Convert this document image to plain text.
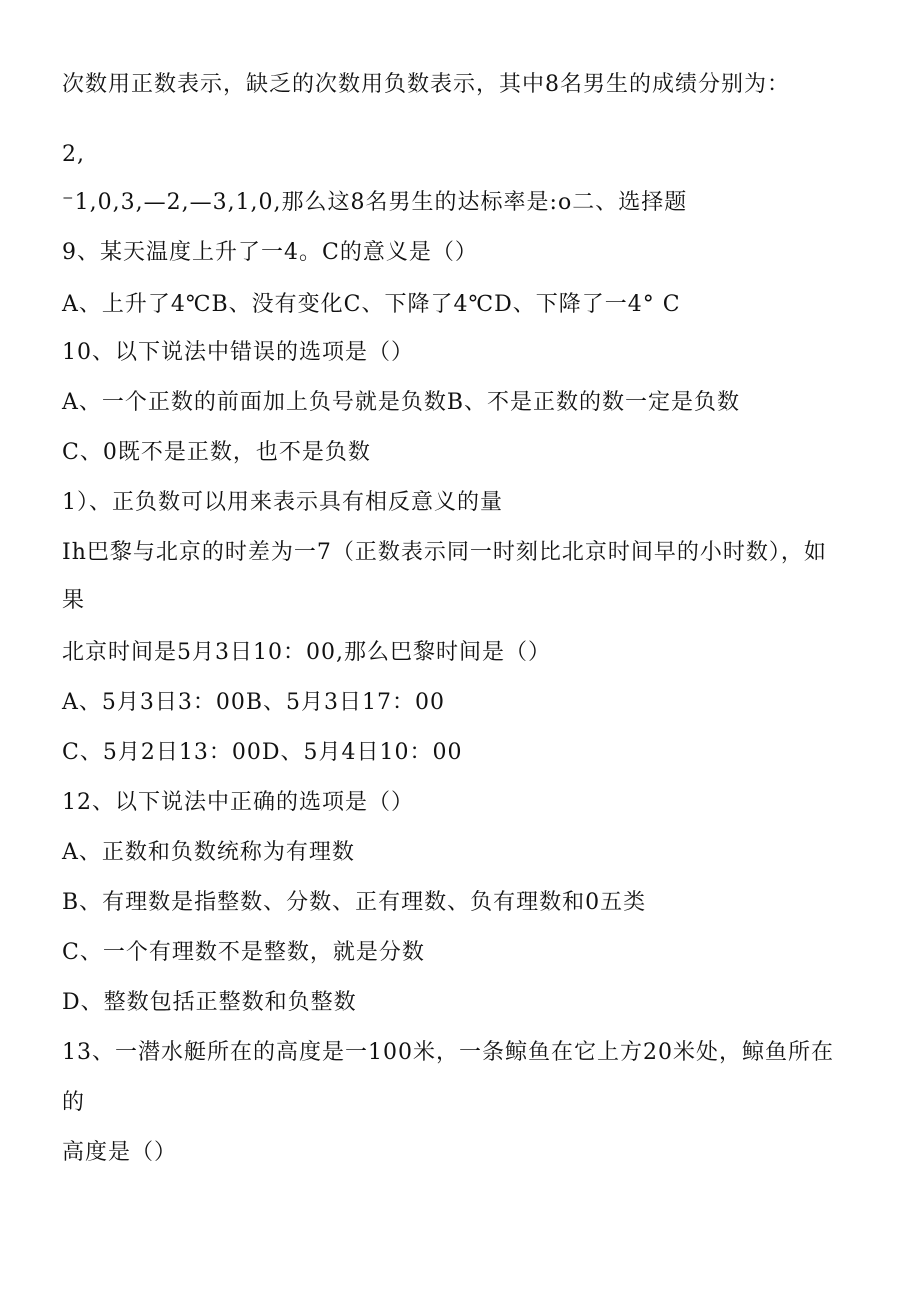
次数用正数表示，缺乏的次数用负数表示，其中8名男生的成绩分别为：
2,
⁻1,0,3,—2,—3,1,0,那么这8名男生的达标率是:o二、选择题
9、某天温度上升了一4。C的意义是（）
A、上升了4℃B、没有变化C、下降了4℃D、下降了一4° C
10、以下说法中错误的选项是（）
A、一个正数的前面加上负号就是负数B、不是正数的数一定是负数
C、0既不是正数，也不是负数
1）、正负数可以用来表示具有相反意义的量
Ih巴黎与北京的时差为一7（正数表示同一时刻比北京时间早的小时数），如
果
北京时间是5月3日10：00,那么巴黎时间是（）
A、5月3日3：00B、5月3日17：00
C、5月2日13：00D、5月4日10：00
12、以下说法中正确的选项是（）
A、正数和负数统称为有理数
B、有理数是指整数、分数、正有理数、负有理数和0五类
C、一个有理数不是整数，就是分数
D、整数包括正整数和负整数
13、一潜水艇所在的高度是一100米，一条鲸鱼在它上方20米处，鲸鱼所在
的
高度是（）
